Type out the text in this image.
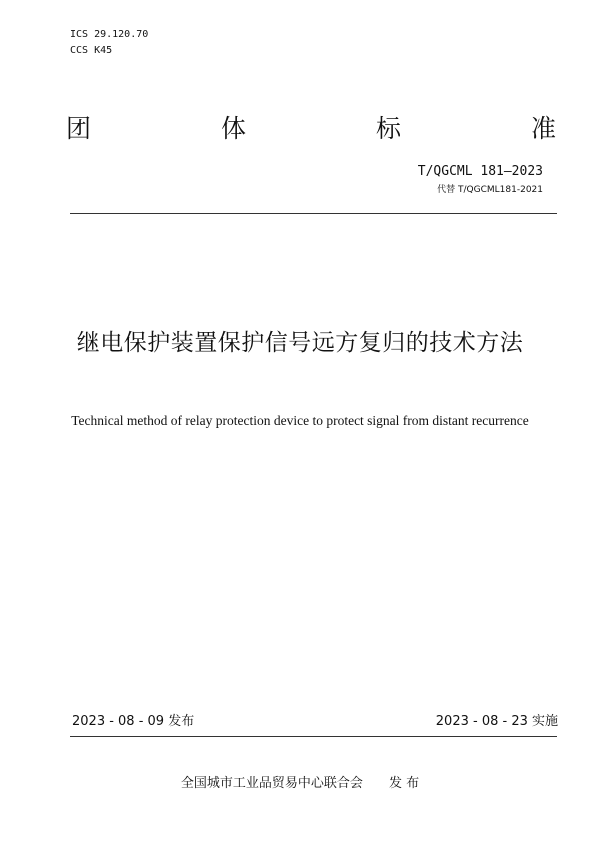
ICS 29.120.70
CCS K45
团	体	标	准
T/QGCML 181—2023
代替 T/QGCML181-2021
继电保护装置保护信号远方复归的技术方法
Technical method of relay protection device to protect signal from distant recurrence
2023 - 08 - 09 发布	2023 - 08 - 23 实施
全国城市工业品贸易中心联合会 发 布
